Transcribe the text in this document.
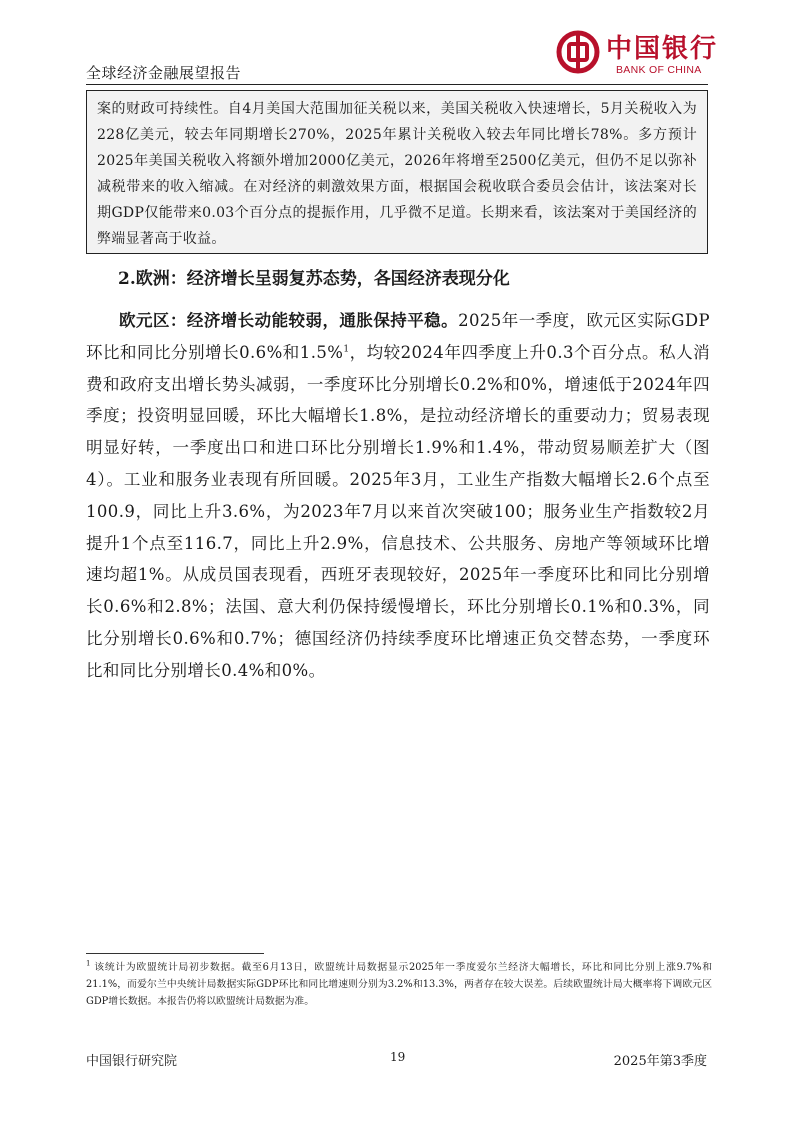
全球经济金融展望报告
中国银行
BANK OF CHINA

案的财政可持续性。自4月美国大范围加征关税以来，美国关税收入快速增长，5月关税收入为228亿美元，较去年同期增长270%，2025年累计关税收入较去年同比增长78%。多方预计2025年美国关税收入将额外增加2000亿美元，2026年将增至2500亿美元，但仍不足以弥补减税带来的收入缩减。在对经济的刺激效果方面，根据国会税收联合委员会估计，该法案对长期GDP仅能带来0.03个百分点的提振作用，几乎微不足道。长期来看，该法案对于美国经济的弊端显著高于收益。

2.欧洲：经济增长呈弱复苏态势，各国经济表现分化

欧元区：经济增长动能较弱，通胀保持平稳。2025年一季度，欧元区实际GDP环比和同比分别增长0.6%和1.5%$^1$，均较2024年四季度上升0.3个百分点。私人消费和政府支出增长势头减弱，一季度环比分别增长0.2%和0%，增速低于2024年四季度；投资明显回暖，环比大幅增长1.8%，是拉动经济增长的重要动力；贸易表现明显好转，一季度出口和进口环比分别增长1.9%和1.4%，带动贸易顺差扩大（图4）。工业和服务业表现有所回暖。2025年3月，工业生产指数大幅增长2.6个点至100.9，同比上升3.6%，为2023年7月以来首次突破100；服务业生产指数较2月提升1个点至116.7，同比上升2.9%，信息技术、公共服务、房地产等领域环比增速均超1%。从成员国表现看，西班牙表现较好，2025年一季度环比和同比分别增长0.6%和2.8%；法国、意大利仍保持缓慢增长，环比分别增长0.1%和0.3%，同比分别增长0.6%和0.7%；德国经济仍持续季度环比增速正负交替态势，一季度环比和同比分别增长0.4%和0%。

$^1$ 该统计为欧盟统计局初步数据。截至6月13日，欧盟统计局数据显示2025年一季度爱尔兰经济大幅增长，环比和同比分别上涨9.7%和21.1%，而爱尔兰中央统计局数据实际GDP环比和同比增速则分别为3.2%和13.3%，两者存在较大误差。后续欧盟统计局大概率将下调欧元区GDP增长数据。本报告仍将以欧盟统计局数据为准。

中国银行研究院	19	2025年第3季度
